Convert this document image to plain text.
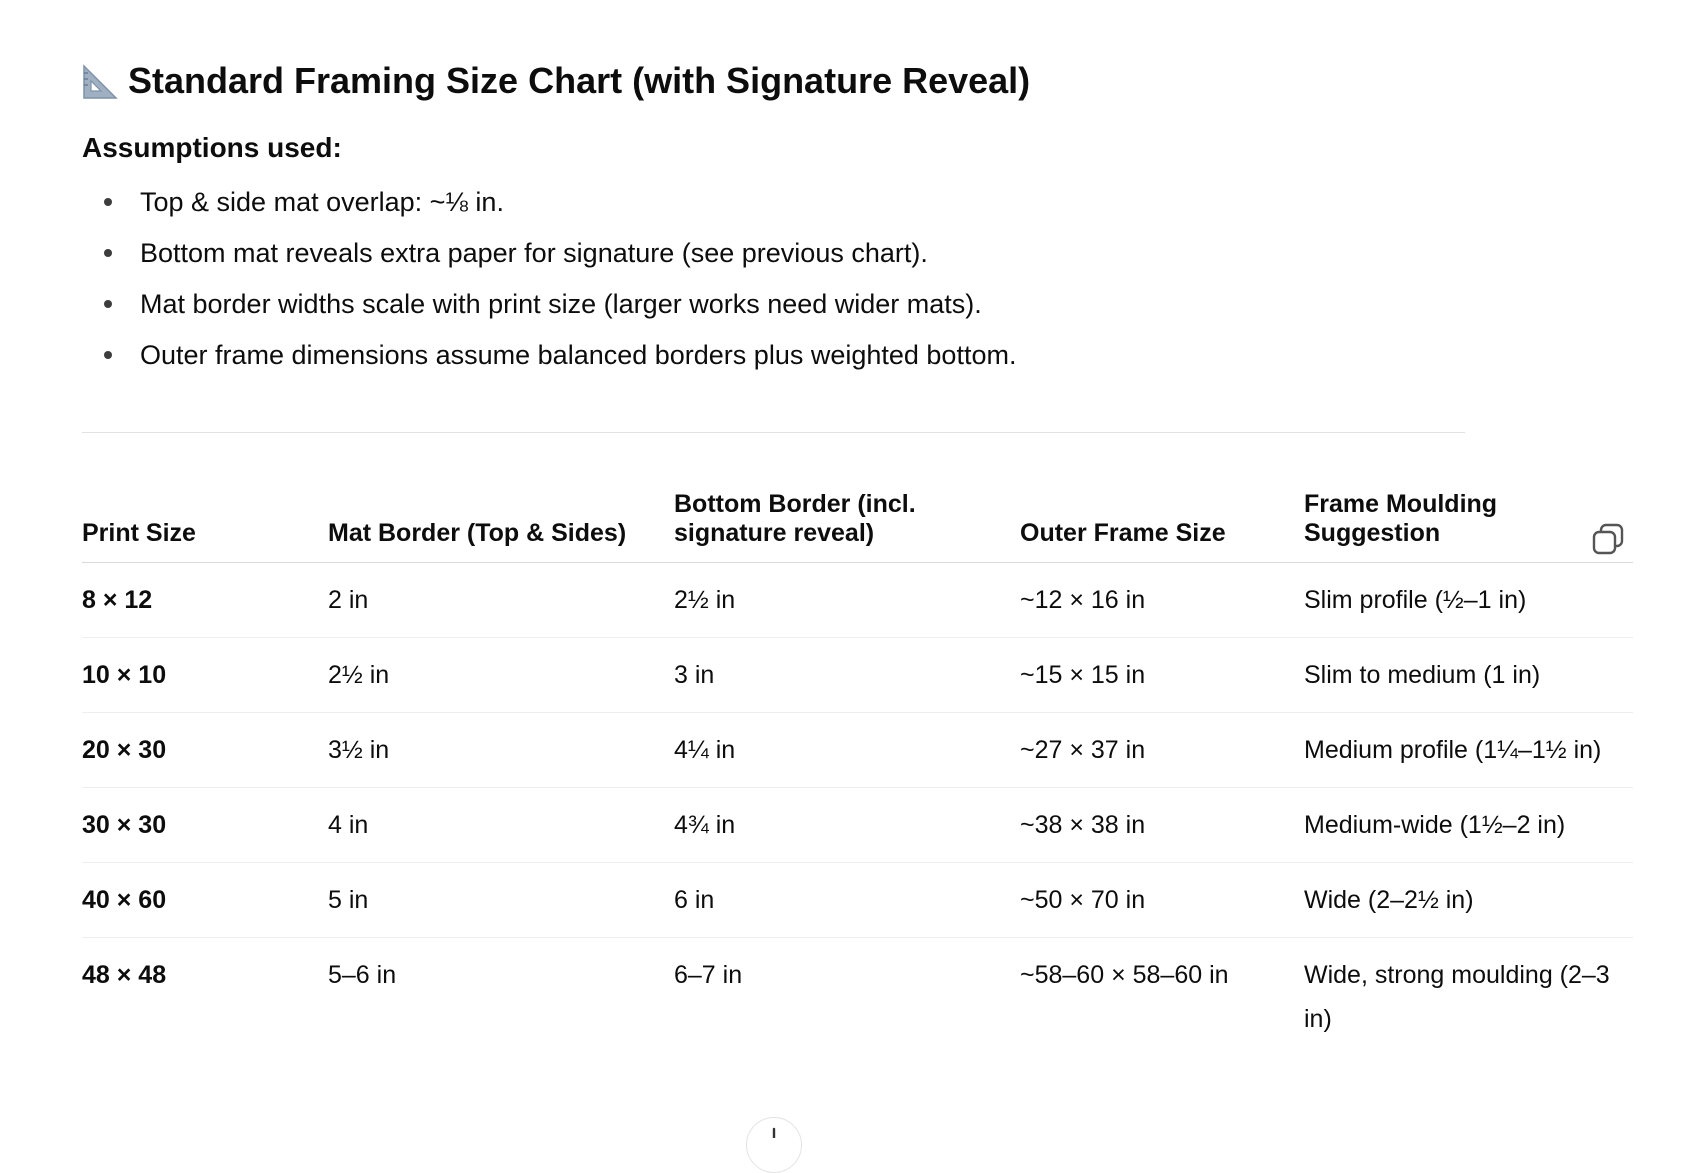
Standard Framing Size Chart (with Signature Reveal)
Assumptions used:
Top & side mat overlap: ~⅛ in.
Bottom mat reveals extra paper for signature (see previous chart).
Mat border widths scale with print size (larger works need wider mats).
Outer frame dimensions assume balanced borders plus weighted bottom.
Print Size	Mat Border (Top & Sides)	Bottom Border (incl. signature reveal)	Outer Frame Size	Frame Moulding Suggestion
8 × 12	2 in	2½ in	~12 × 16 in	Slim profile (½–1 in)
10 × 10	2½ in	3 in	~15 × 15 in	Slim to medium (1 in)
20 × 30	3½ in	4¼ in	~27 × 37 in	Medium profile (1¼–1½ in)
30 × 30	4 in	4¾ in	~38 × 38 in	Medium-wide (1½–2 in)
40 × 60	5 in	6 in	~50 × 70 in	Wide (2–2½ in)
48 × 48	5–6 in	6–7 in	~58–60 × 58–60 in	Wide, strong moulding (2–3 in)
